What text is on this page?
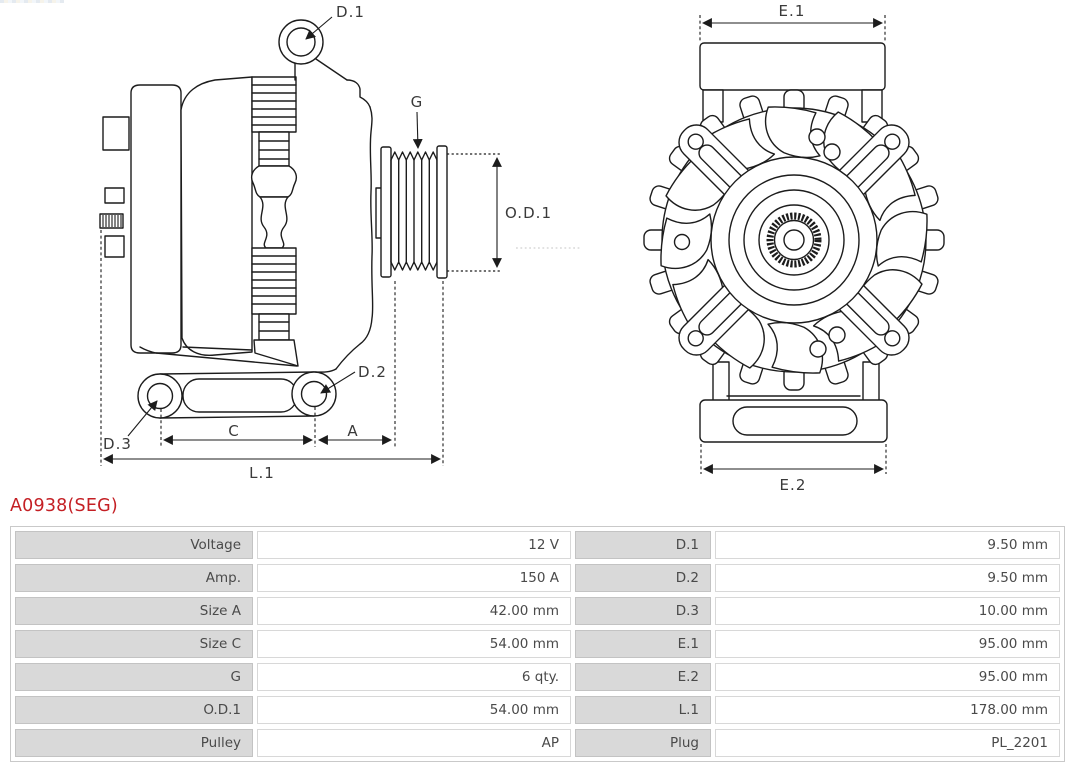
C	A
L.1
O.D.1
D.1
G
D.2
D.3
E.1
E.2
A0938(SEG)
Voltage	12 V	D.1	9.50 mm
Amp.	150 A	D.2	9.50 mm
Size A	42.00 mm	D.3	10.00 mm
Size C	54.00 mm	E.1	95.00 mm
G	6 qty.	E.2	95.00 mm
O.D.1	54.00 mm	L.1	178.00 mm
Pulley	AP	Plug	PL_2201
